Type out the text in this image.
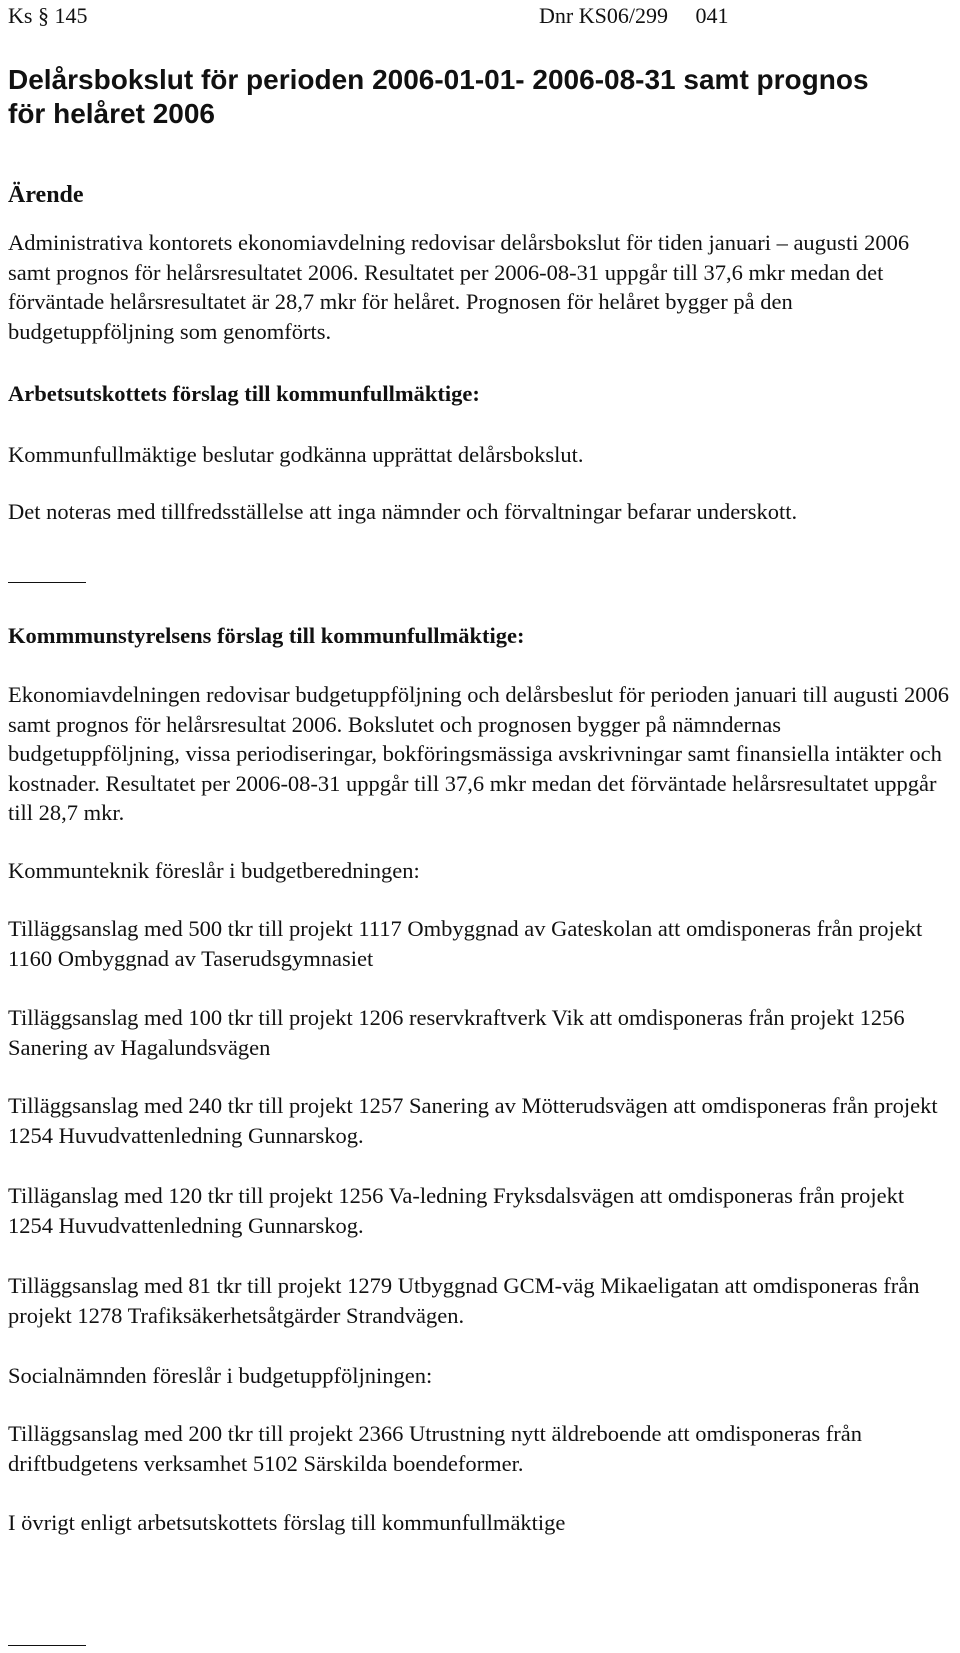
Ks § 145	Dnr KS06/299     041
Delårsbokslut för perioden 2006-01-01- 2006-08-31 samt prognos för helåret 2006
Ärende

Administrativa kontorets ekonomiavdelning redovisar delårsbokslut för tiden januari – augusti 2006 samt prognos för helårsresultatet 2006. Resultatet per 2006-08-31 uppgår till 37,6 mkr medan det förväntade helårsresultatet är 28,7 mkr för helåret. Prognosen för helåret bygger på den budgetuppföljning som genomförts.

Arbetsutskottets förslag till kommunfullmäktige:

Kommunfullmäktige beslutar godkänna upprättat delårsbokslut.

Det noteras med tillfredsställelse att inga nämnder och förvaltningar befarar underskott.

Kommmunstyrelsens förslag till kommunfullmäktige:

Ekonomiavdelningen redovisar budgetuppföljning och delårsbeslut för perioden januari till augusti 2006 samt prognos för helårsresultat 2006. Bokslutet och prognosen bygger på nämndernas budgetuppföljning, vissa periodiseringar, bokföringsmässiga avskrivningar samt finansiella intäkter och kostnader. Resultatet per 2006-08-31 uppgår till 37,6 mkr medan det förväntade helårsresultatet uppgår till 28,7 mkr.

Kommunteknik föreslår i budgetberedningen:

Tilläggsanslag med 500 tkr till projekt 1117 Ombyggnad av Gateskolan att omdisponeras från projekt 1160 Ombyggnad av Taserudsgymnasiet

Tilläggsanslag med 100 tkr till projekt 1206 reservkraftverk Vik att omdisponeras från projekt 1256 Sanering av Hagalundsvägen

Tilläggsanslag med 240 tkr till projekt 1257 Sanering av Mötterudsvägen att omdisponeras från projekt 1254 Huvudvattenledning Gunnarskog.

Tilläganslag med 120 tkr till projekt 1256 Va-ledning Fryksdalsvägen att omdisponeras från projekt 1254 Huvudvattenledning Gunnarskog.

Tilläggsanslag med 81 tkr till projekt 1279 Utbyggnad GCM-väg Mikaeligatan att omdisponeras från projekt 1278 Trafiksäkerhetsåtgärder Strandvägen.

Socialnämnden föreslår i budgetuppföljningen:

Tilläggsanslag med 200 tkr till projekt 2366 Utrustning nytt äldreboende att omdisponeras från driftbudgetens verksamhet 5102 Särskilda boendeformer.

I övrigt enligt arbetsutskottets förslag till kommunfullmäktige
